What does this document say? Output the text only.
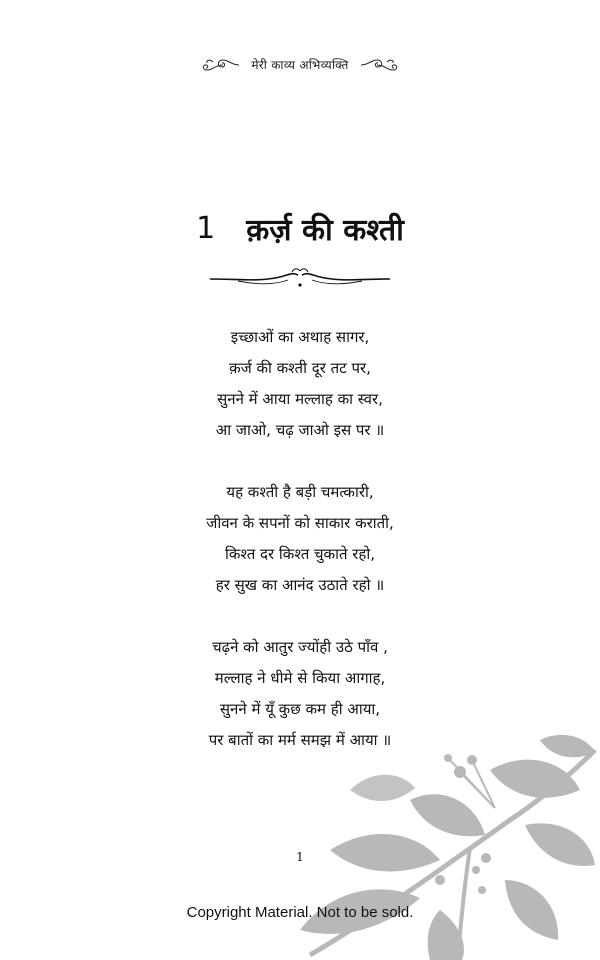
मेरी काव्य अभिव्यक्ति
1 क़र्ज़ की कश्ती
इच्छाओं का अथाह सागर,
क़र्ज की कश्ती दूर तट पर,
सुनने में आया मल्लाह का स्वर,
आ जाओ, चढ़ जाओ इस पर ॥
यह कश्ती है बड़ी चमत्कारी,
जीवन के सपनों को साकार कराती,
किश्त दर किश्त चुकाते रहो,
हर सुख का आनंद उठाते रहो ॥
चढ़ने को आतुर ज्योंही उठे पाँव ,
मल्लाह ने धीमे से किया आगाह,
सुनने में यूँ कुछ कम ही आया,
पर बातों का मर्म समझ में आया ॥
1
Copyright Material. Not to be sold.
